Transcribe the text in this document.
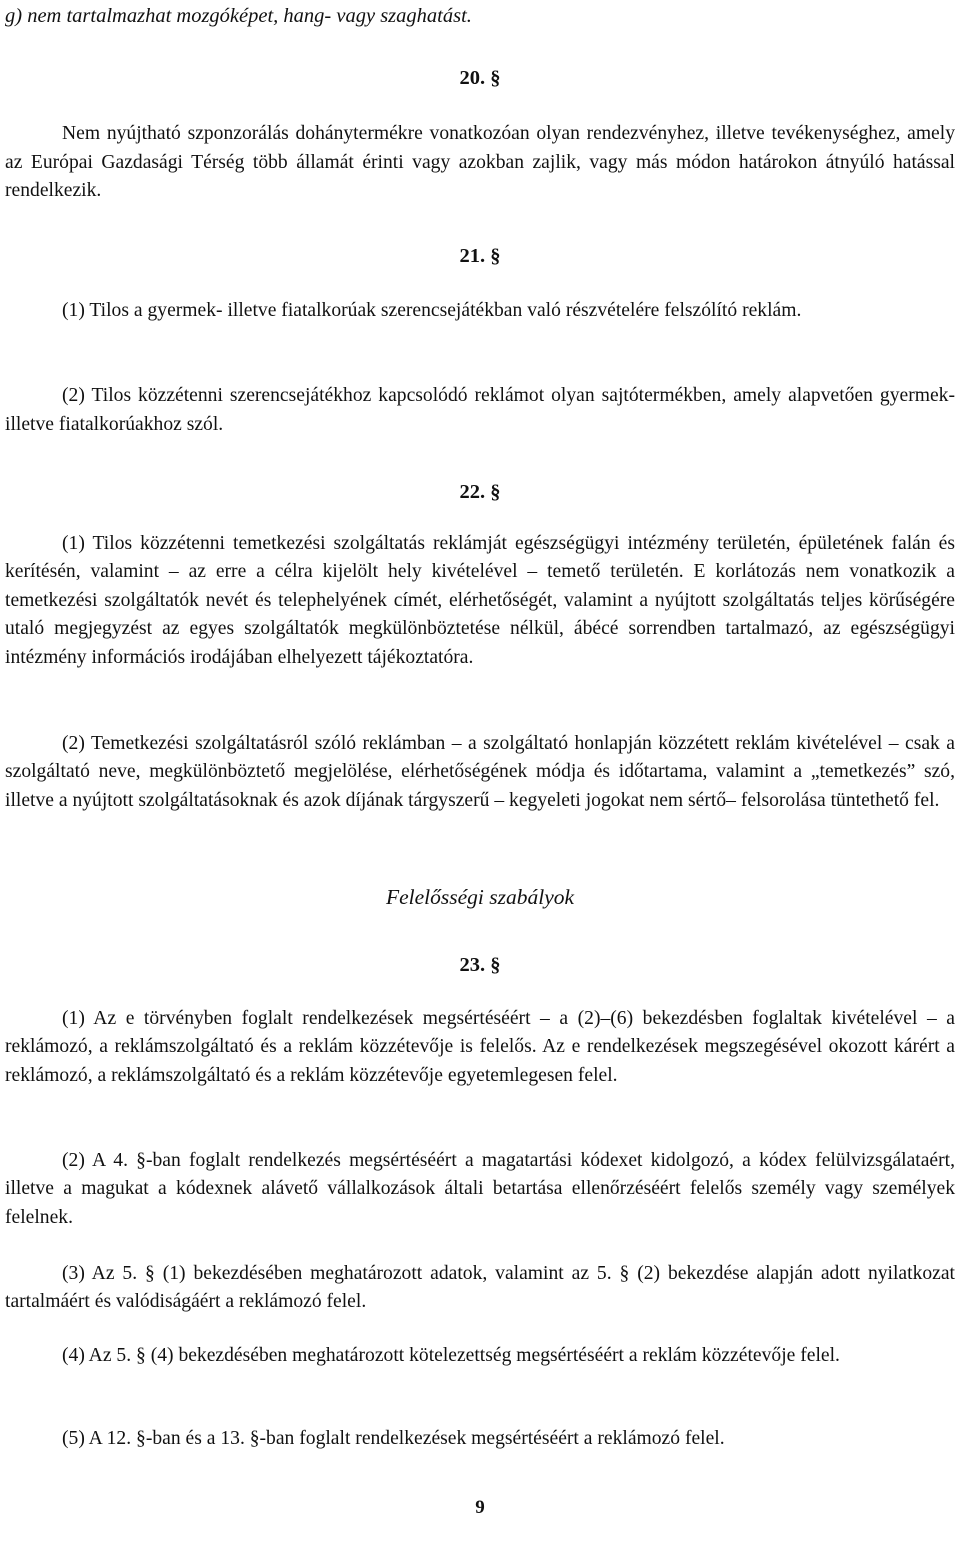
g) nem tartalmazhat mozgóképet, hang- vagy szaghatást.
20. §

Nem nyújtható szponzorálás dohánytermékre vonatkozóan olyan rendezvényhez, illetve tevékenységhez, amely az Európai Gazdasági Térség több államát érinti vagy azokban zajlik, vagy más módon határokon átnyúló hatással rendelkezik.

21. §

(1) Tilos a gyermek- illetve fiatalkorúak szerencsejátékban való részvételére felszólító reklám.

(2) Tilos közzétenni szerencsejátékhoz kapcsolódó reklámot olyan sajtótermékben, amely alapvetően gyermek- illetve fiatalkorúakhoz szól.

22. §

(1) Tilos közzétenni temetkezési szolgáltatás reklámját egészségügyi intézmény területén, épületének falán és kerítésén, valamint – az erre a célra kijelölt hely kivételével – temető területén. E korlátozás nem vonatkozik a temetkezési szolgáltatók nevét és telephelyének címét, elérhetőségét, valamint a nyújtott szolgáltatás teljes körűségére utaló megjegyzést az egyes szolgáltatók megkülönböztetése nélkül, ábécé sorrendben tartalmazó, az egészségügyi intézmény információs irodájában elhelyezett tájékoztatóra.

(2) Temetkezési szolgáltatásról szóló reklámban – a szolgáltató honlapján közzétett reklám kivételével – csak a szolgáltató neve, megkülönböztető megjelölése, elérhetőségének módja és időtartama, valamint a „temetkezés” szó, illetve a nyújtott szolgáltatásoknak és azok díjának tárgyszerű – kegyeleti jogokat nem sértő– felsorolása tüntethető fel.

Felelősségi szabályok
23. §

(1) Az e törvényben foglalt rendelkezések megsértéséért – a (2)–(6) bekezdésben foglaltak kivételével – a reklámozó, a reklámszolgáltató és a reklám közzétevője is felelős. Az e rendelkezések megszegésével okozott kárért a reklámozó, a reklámszolgáltató és a reklám közzétevője egyetemlegesen felel.

(2) A 4. §-ban foglalt rendelkezés megsértéséért a magatartási kódexet kidolgozó, a kódex felülvizsgálataért, illetve a magukat a kódexnek alávető vállalkozások általi betartása ellenőrzéséért felelős személy vagy személyek felelnek.

(3) Az 5. § (1) bekezdésében meghatározott adatok, valamint az 5. § (2) bekezdése alapján adott nyilatkozat tartalmáért és valódiságáért a reklámozó felel.

(4) Az 5. § (4) bekezdésében meghatározott kötelezettség megsértéséért a reklám közzétevője felel.

(5) A 12. §-ban és a 13. §-ban foglalt rendelkezések megsértéséért a reklámozó felel.

9
